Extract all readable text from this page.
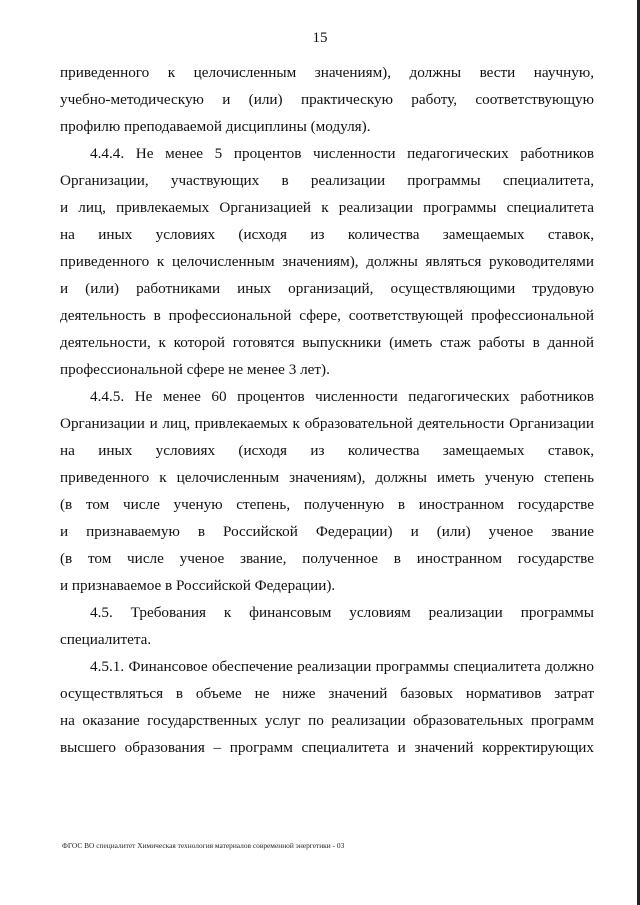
15
приведенного к целочисленным значениям), должны вести научную,
учебно-методическую и (или) практическую работу, соответствующую
профилю преподаваемой дисциплины (модуля).
4.4.4. Не менее 5 процентов численности педагогических работников
Организации, участвующих в реализации программы специалитета,
и лиц, привлекаемых Организацией к реализации программы специалитета
на иных условиях (исходя из количества замещаемых ставок,
приведенного к целочисленным значениям), должны являться руководителями
и (или) работниками иных организаций, осуществляющими трудовую
деятельность в профессиональной сфере, соответствующей профессиональной
деятельности, к которой готовятся выпускники (иметь стаж работы в данной
профессиональной сфере не менее 3 лет).
4.4.5. Не менее 60 процентов численности педагогических работников
Организации и лиц, привлекаемых к образовательной деятельности Организации
на иных условиях (исходя из количества замещаемых ставок,
приведенного к целочисленным значениям), должны иметь ученую степень
(в том числе ученую степень, полученную в иностранном государстве
и признаваемую в Российской Федерации) и (или) ученое звание
(в том числе ученое звание, полученное в иностранном государстве
и признаваемое в Российской Федерации).
4.5. Требования к финансовым условиям реализации программы
специалитета.
4.5.1. Финансовое обеспечение реализации программы специалитета должно
осуществляться в объеме не ниже значений базовых нормативов затрат
на оказание государственных услуг по реализации образовательных программ
высшего образования – программ специалитета и значений корректирующих
ФГОС ВО специалитет Химическая технология материалов современной энергетики - 03
